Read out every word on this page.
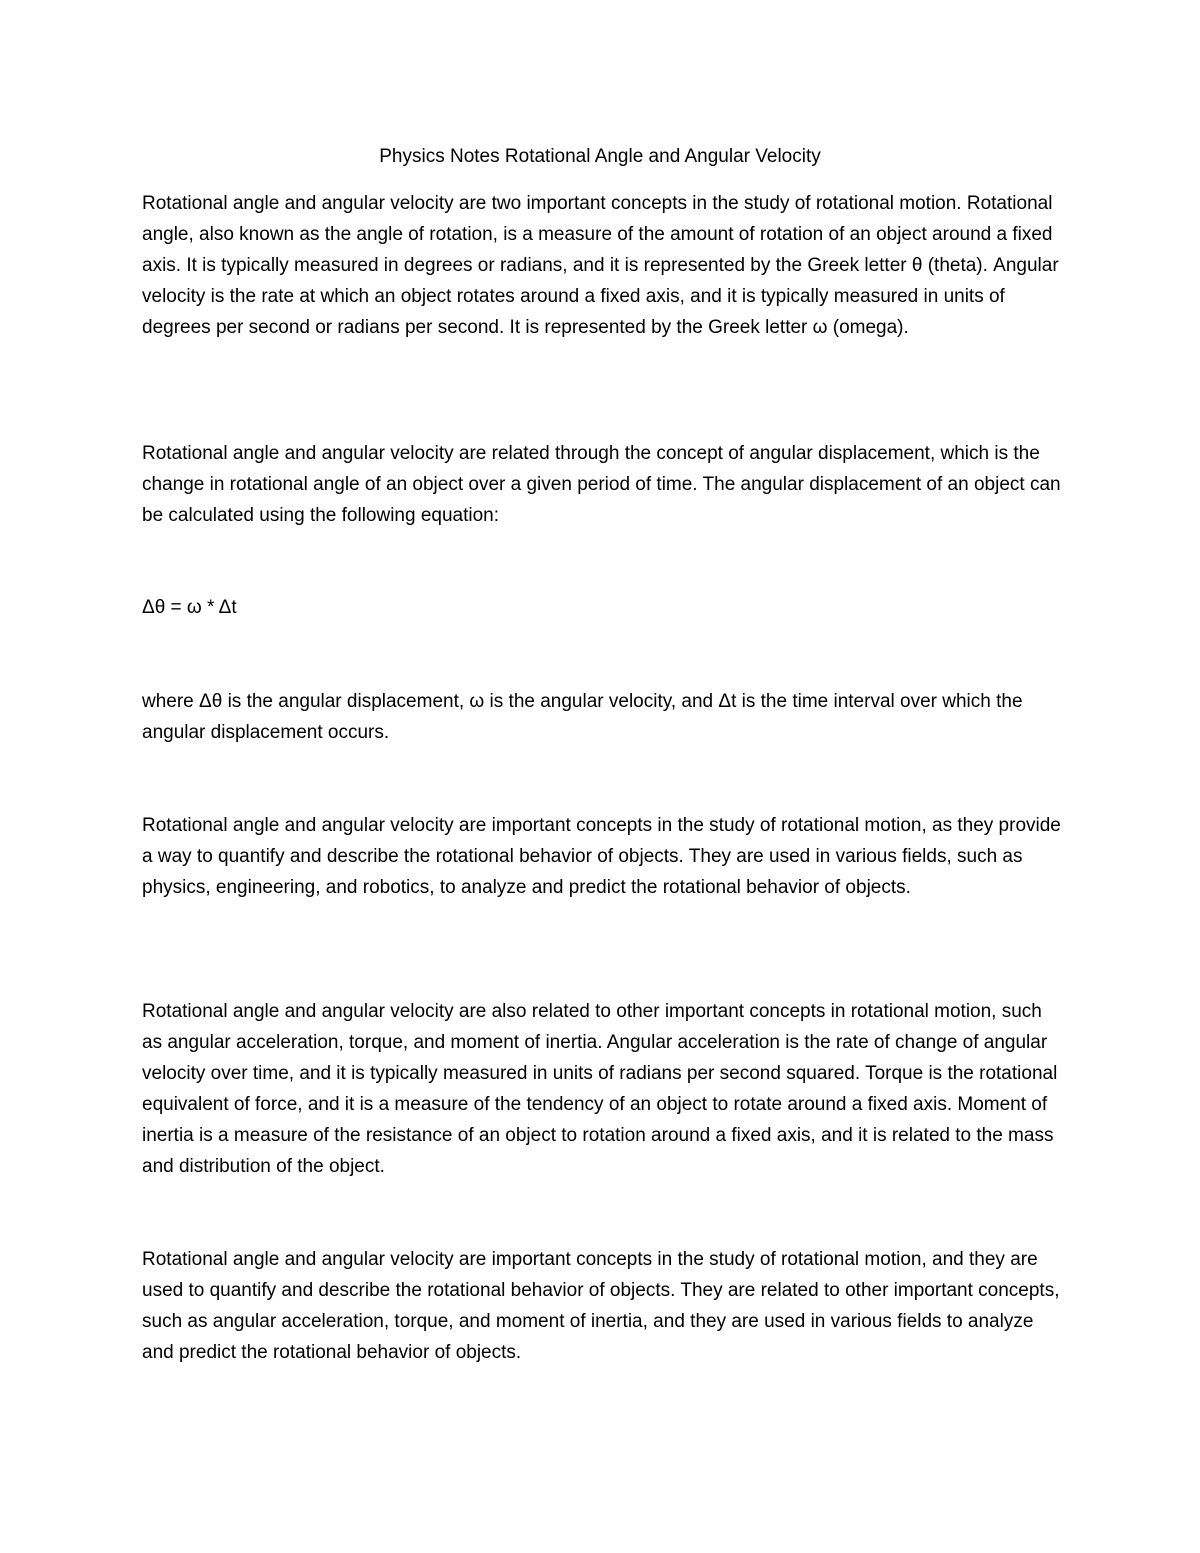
Physics Notes Rotational Angle and Angular Velocity

Rotational angle and angular velocity are two important concepts in the study of rotational motion. Rotational angle, also known as the angle of rotation, is a measure of the amount of rotation of an object around a fixed axis. It is typically measured in degrees or radians, and it is represented by the Greek letter θ (theta). Angular velocity is the rate at which an object rotates around a fixed axis, and it is typically measured in units of degrees per second or radians per second. It is represented by the Greek letter ω (omega).

Rotational angle and angular velocity are related through the concept of angular displacement, which is the change in rotational angle of an object over a given period of time. The angular displacement of an object can be calculated using the following equation:

Δθ = ω * Δt

where Δθ is the angular displacement, ω is the angular velocity, and Δt is the time interval over which the angular displacement occurs.

Rotational angle and angular velocity are important concepts in the study of rotational motion, as they provide a way to quantify and describe the rotational behavior of objects. They are used in various fields, such as physics, engineering, and robotics, to analyze and predict the rotational behavior of objects.

Rotational angle and angular velocity are also related to other important concepts in rotational motion, such as angular acceleration, torque, and moment of inertia. Angular acceleration is the rate of change of angular velocity over time, and it is typically measured in units of radians per second squared. Torque is the rotational equivalent of force, and it is a measure of the tendency of an object to rotate around a fixed axis. Moment of inertia is a measure of the resistance of an object to rotation around a fixed axis, and it is related to the mass and distribution of the object.

Rotational angle and angular velocity are important concepts in the study of rotational motion, and they are used to quantify and describe the rotational behavior of objects. They are related to other important concepts, such as angular acceleration, torque, and moment of inertia, and they are used in various fields to analyze and predict the rotational behavior of objects.
